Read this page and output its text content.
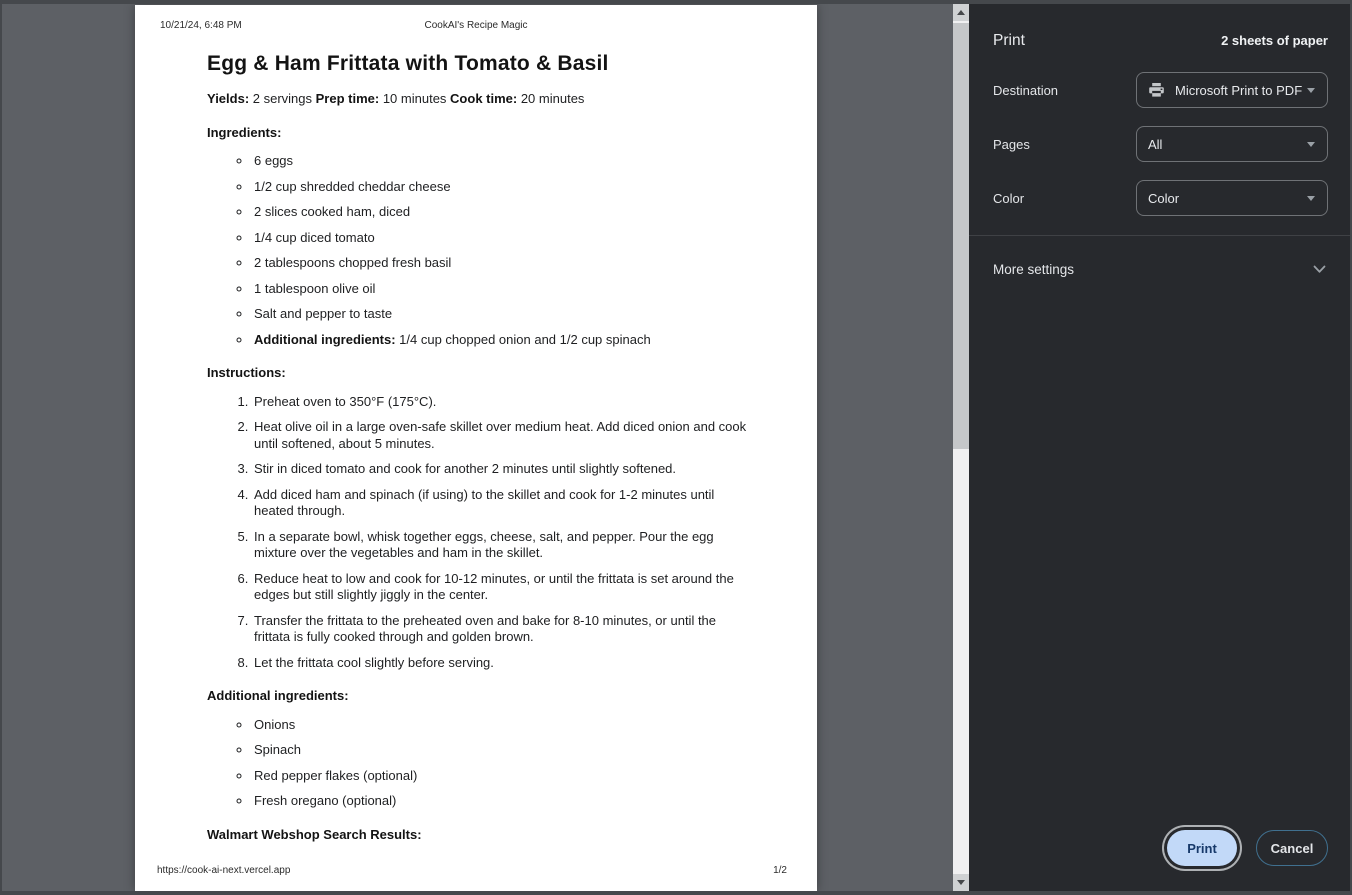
10/21/24, 6:48 PM	CookAI's Recipe Magic
Egg & Ham Frittata with Tomato & Basil

Yields: 2 servings Prep time: 10 minutes Cook time: 20 minutes

Ingredients:

◦ 6 eggs
◦ 1/2 cup shredded cheddar cheese
◦ 2 slices cooked ham, diced
◦ 1/4 cup diced tomato
◦ 2 tablespoons chopped fresh basil
◦ 1 tablespoon olive oil
◦ Salt and pepper to taste
◦ Additional ingredients: 1/4 cup chopped onion and 1/2 cup spinach

Instructions:

1. Preheat oven to 350°F (175°C).
2. Heat olive oil in a large oven-safe skillet over medium heat. Add diced onion and cook until softened, about 5 minutes.
3. Stir in diced tomato and cook for another 2 minutes until slightly softened.
4. Add diced ham and spinach (if using) to the skillet and cook for 1-2 minutes until heated through.
5. In a separate bowl, whisk together eggs, cheese, salt, and pepper. Pour the egg mixture over the vegetables and ham in the skillet.
6. Reduce heat to low and cook for 10-12 minutes, or until the frittata is set around the edges but still slightly jiggly in the center.
7. Transfer the frittata to the preheated oven and bake for 8-10 minutes, or until the frittata is fully cooked through and golden brown.
8. Let the frittata cool slightly before serving.

Additional ingredients:

◦ Onions
◦ Spinach
◦ Red pepper flakes (optional)
◦ Fresh oregano (optional)

Walmart Webshop Search Results:

https://cook-ai-next.vercel.app	1/2
Print	2 sheets of paper
Destination	Microsoft Print to PDF
Pages	All
Color	Color
More settings
Print	Cancel
